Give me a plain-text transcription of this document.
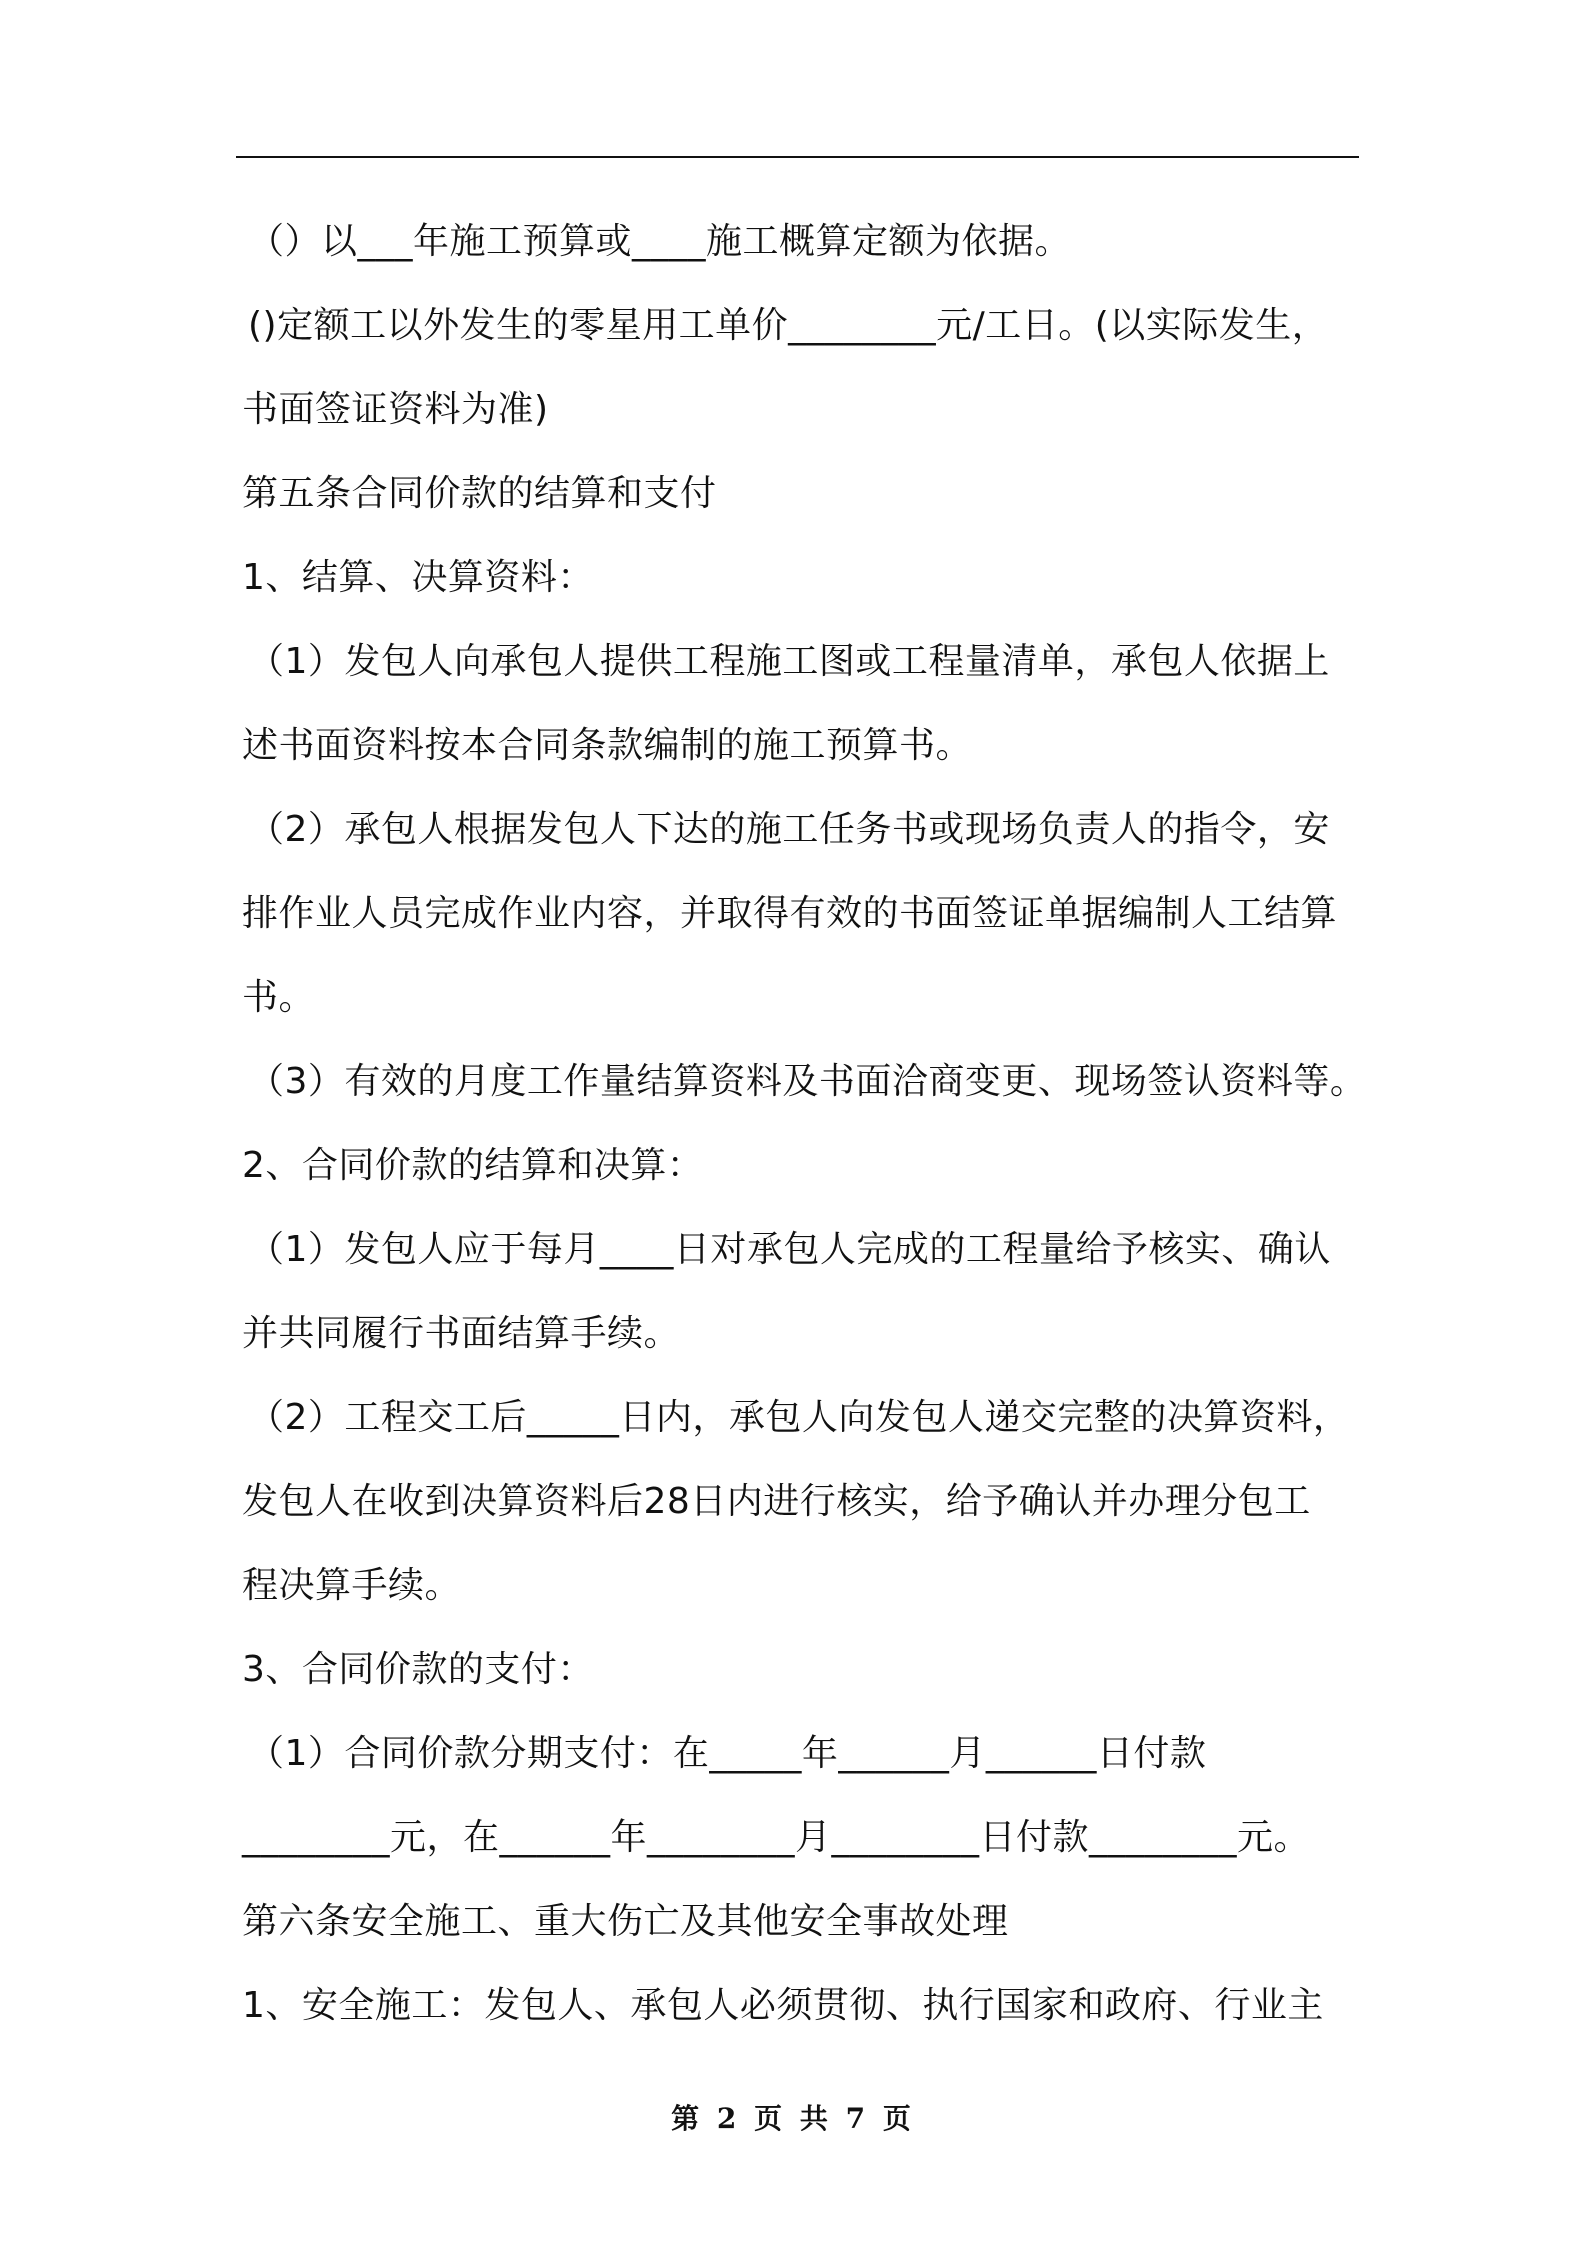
（）以___年施工预算或____施工概算定额为依据。
()定额工以外发生的零星用工单价________元/工日。(以实际发生，
书面签证资料为准)
第五条合同价款的结算和支付
1、结算、决算资料：
（1）发包人向承包人提供工程施工图或工程量清单，承包人依据上
述书面资料按本合同条款编制的施工预算书。
（2）承包人根据发包人下达的施工任务书或现场负责人的指令，安
排作业人员完成作业内容，并取得有效的书面签证单据编制人工结算
书。
（3）有效的月度工作量结算资料及书面洽商变更、现场签认资料等。
2、合同价款的结算和决算：
（1）发包人应于每月____日对承包人完成的工程量给予核实、确认
并共同履行书面结算手续。
（2）工程交工后_____日内，承包人向发包人递交完整的决算资料，
发包人在收到决算资料后28日内进行核实，给予确认并办理分包工
程决算手续。
3、合同价款的支付：
（1）合同价款分期支付：在_____年______月______日付款
________元，在______年________月________日付款________元。
第六条安全施工、重大伤亡及其他安全事故处理
1、安全施工：发包人、承包人必须贯彻、执行国家和政府、行业主
第 2 页 共 7 页
